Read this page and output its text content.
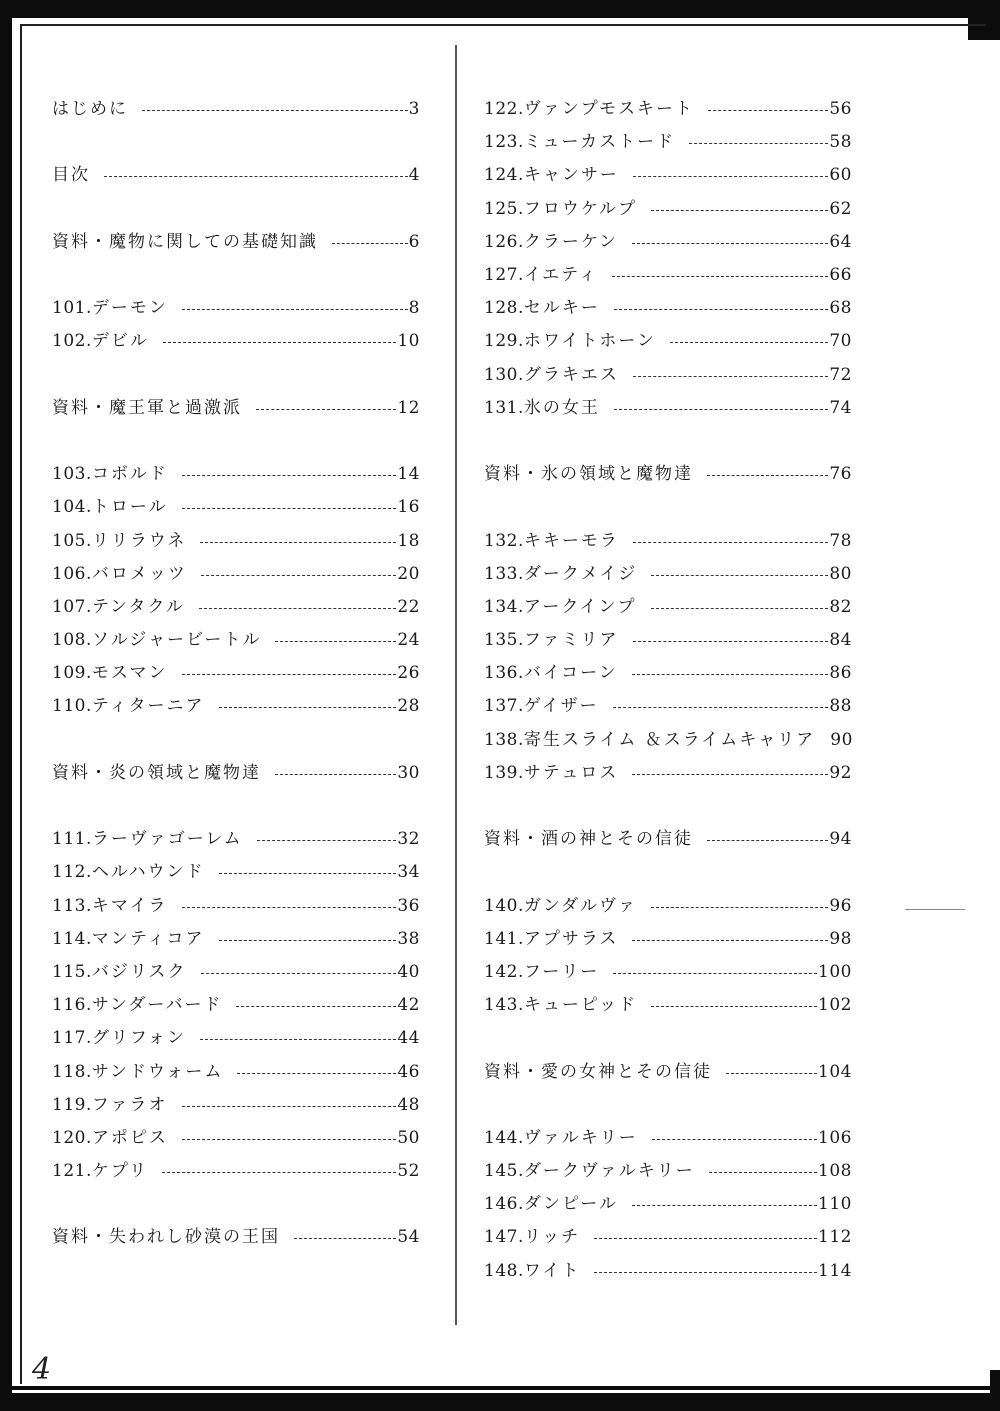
はじめに	3
目次	4
資料・魔物に関しての基礎知識	6
101. デーモン	8
102. デビル	10
資料・魔王軍と過激派	12
103. コボルド	14
104. トロール	16
105. リリラウネ	18
106. バロメッツ	20
107. テンタクル	22
108. ソルジャービートル	24
109. モスマン	26
110. ティターニア	28
資料・炎の領域と魔物達	30
111. ラーヴァゴーレム	32
112. ヘルハウンド	34
113. キマイラ	36
114. マンティコア	38
115. バジリスク	40
116. サンダーバード	42
117. グリフォン	44
118. サンドウォーム	46
119. ファラオ	48
120. アポピス	50
121. ケプリ	52
資料・失われし砂漠の王国	54
122. ヴァンプモスキート	56
123. ミューカストード	58
124. キャンサー	60
125. フロウケルプ	62
126. クラーケン	64
127. イエティ	66
128. セルキー	68
129. ホワイトホーン	70
130. グラキエス	72
131. 氷の女王	74
資料・氷の領域と魔物達	76
132. キキーモラ	78
133. ダークメイジ	80
134. アークインプ	82
135. ファミリア	84
136. バイコーン	86
137. ゲイザー	88
138. 寄生スライム ＆スライムキャリア 90
139. サテュロス	92
資料・酒の神とその信徒	94
140. ガンダルヴァ	96
141. アプサラス	98
142. フーリー	100
143. キューピッド	102
資料・愛の女神とその信徒	104
144. ヴァルキリー	106
145. ダークヴァルキリー	108
146. ダンピール	110
147. リッチ	112
148. ワイト	114
4
